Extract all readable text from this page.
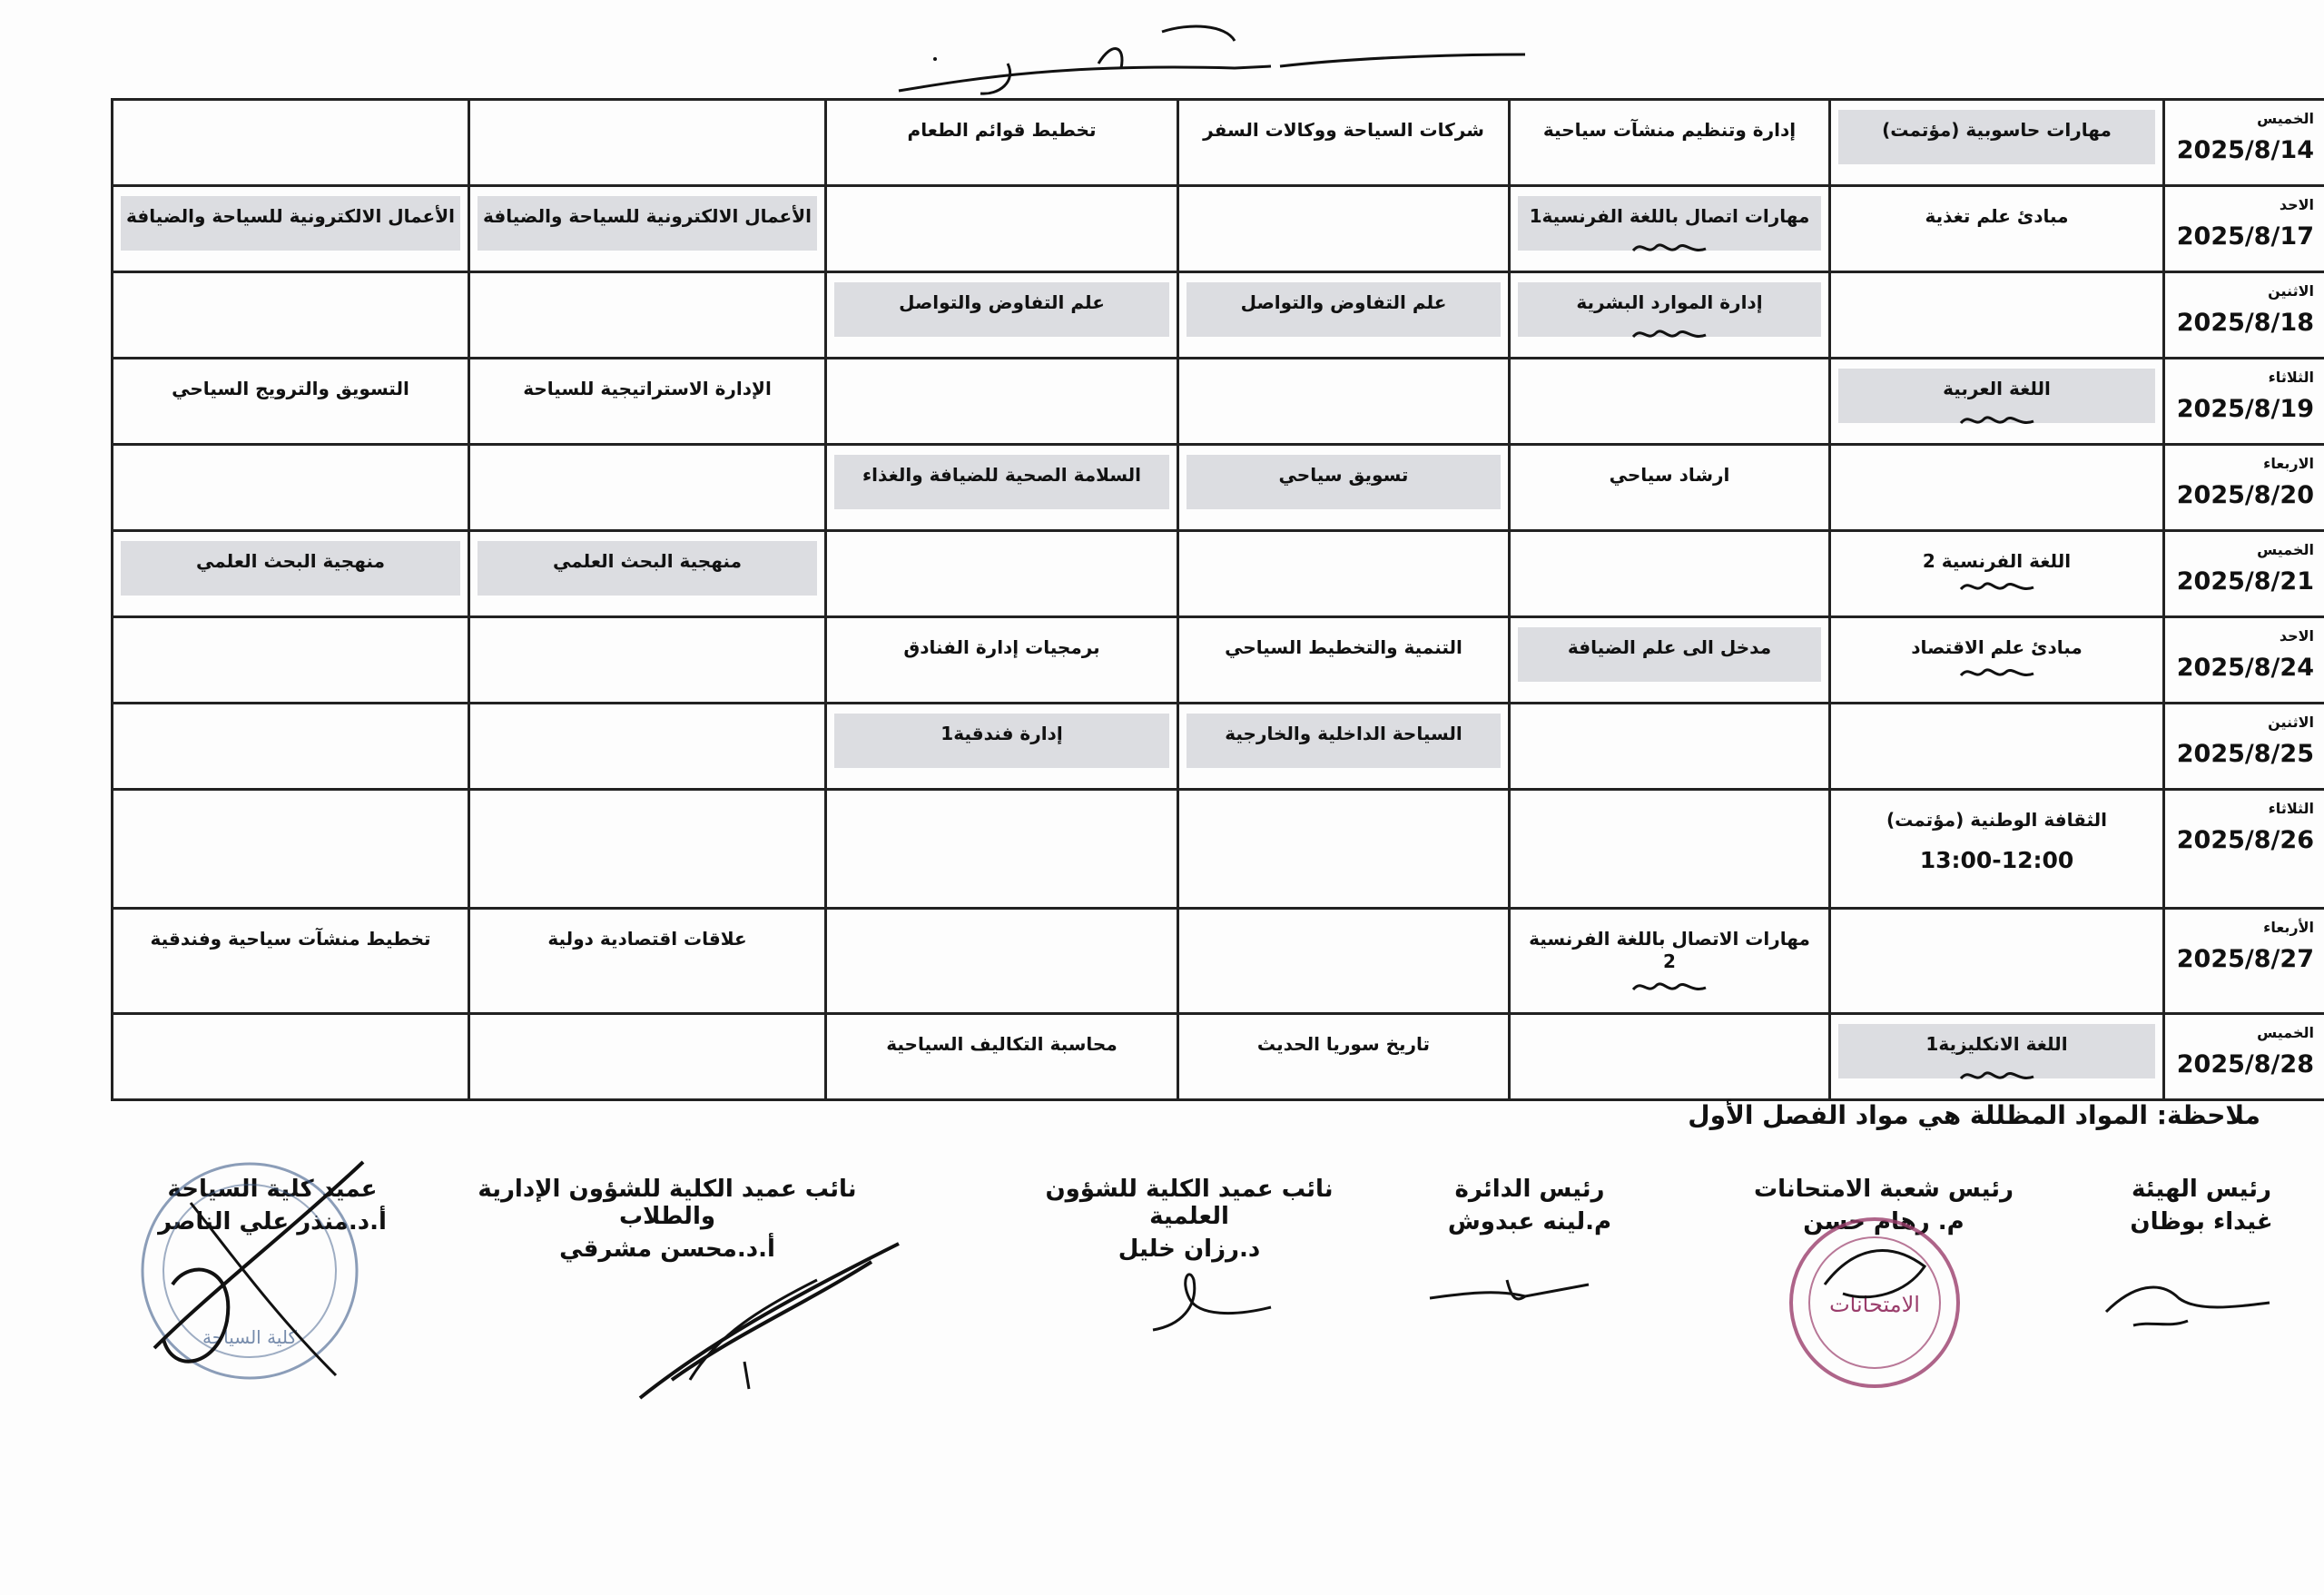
الخميس
2025/8/14	مهارات حاسوبية (مؤتمت)	إدارة وتنظيم منشآت سياحية	شركات السياحة ووكالات السفر	تخطيط قوائم الطعام		

الاحد
2025/8/17	مبادئ علم تغذية	مهارات اتصال باللغة الفرنسية1			الأعمال الالكترونية للسياحة والضيافة	الأعمال الالكترونية للسياحة والضيافة

الاثنين
2025/8/18		إدارة الموارد البشرية	علم التفاوض والتواصل	علم التفاوض والتواصل		

الثلاثاء
2025/8/19	اللغة العربية				الإدارة الاستراتيجية للسياحة	التسويق والترويج السياحي

الاربعاء
2025/8/20		ارشاد سياحي	تسويق سياحي	السلامة الصحية للضيافة والغذاء		

الخميس
2025/8/21	اللغة الفرنسية 2				منهجية البحث العلمي	منهجية البحث العلمي

الاحد
2025/8/24	مبادئ علم الاقتصاد	مدخل الى علم الضيافة	التنمية والتخطيط السياحي	برمجيات إدارة الفنادق		

الاثنين
2025/8/25			السياحة الداخلية والخارجية	إدارة فندقية1		

الثلاثاء
2025/8/26	الثقافة الوطنية (مؤتمت)
13:00-12:00					

الأربعاء
2025/8/27		مهارات الاتصال باللغة الفرنسية 2			علاقات اقتصادية دولية	تخطيط منشآت سياحية وفندقية

الخميس
2025/8/28	اللغة الانكليزية1		تاريخ سوريا الحديث	محاسبة التكاليف السياحية		

ملاحظة: المواد المظللة هي مواد الفصل الأول
رئيس الهيئة
غيداء بوظان
رئيس شعبة الامتحانات
م. رهام حسن
رئيس الدائرة
م.لينه عبدوش
نائب عميد الكلية للشؤون العلمية
د.رزان خليل
نائب عميد الكلية للشؤون الإدارية والطلاب
أ.د.محسن مشرقي
عميد كلية السياحة
أ.د.منذر علي الناصر
الامتحانات
كلية السياحة
